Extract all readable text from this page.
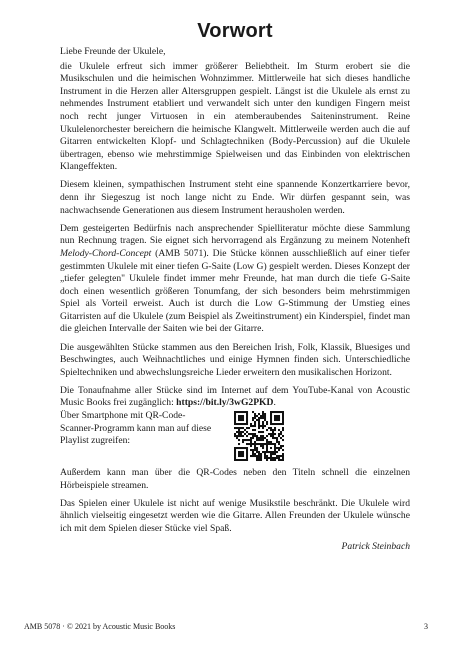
Vorwort

Liebe Freunde der Ukulele,

die Ukulele erfreut sich immer größerer Beliebtheit. Im Sturm erobert sie die Musikschulen und die heimischen Wohnzimmer. Mittlerweile hat sich dieses handliche Instrument in die Herzen aller Altersgruppen gespielt. Längst ist die Ukulele als ernst zu nehmendes Instrument etabliert und verwandelt sich unter den kundigen Fingern meist noch recht junger Virtuosen in ein atemberaubendes Saiteninstrument. Reine Ukulelenorchester bereichern die heimische Klangwelt. Mittlerweile werden auch die auf Gitarren entwickelten Klopf- und Schlagtechniken (Body-Percussion) auf die Ukulele übertragen, ebenso wie mehrstimmige Spielweisen und das Einbinden von elektrischen Klangeffekten.

Diesem kleinen, sympathischen Instrument steht eine spannende Konzertkarriere bevor, denn ihr Siegeszug ist noch lange nicht zu Ende. Wir dürfen gespannt sein, was nachwachsende Generationen aus diesem Instrument herausholen werden.

Dem gesteigerten Bedürfnis nach ansprechender Spielliteratur möchte diese Sammlung nun Rechnung tragen. Sie eignet sich hervorragend als Ergänzung zu meinem Notenheft Melody-Chord-Concept (AMB 5071). Die Stücke können ausschließlich auf einer tiefer gestimmten Ukulele mit einer tiefen G-Saite (Low G) gespielt werden. Dieses Konzept der „tiefer gelegten" Ukulele findet immer mehr Freunde, hat man durch die tiefe G-Saite doch einen wesentlich größeren Tonumfang, der sich besonders beim mehrstimmigen Spiel als Vorteil erweist. Auch ist durch die Low G-Stimmung der Umstieg eines Gitarristen auf die Ukulele (zum Beispiel als Zweitinstrument) ein Kinderspiel, findet man die gleichen Intervalle der Saiten wie bei der Gitarre.

Die ausgewählten Stücke stammen aus den Bereichen Irish, Folk, Klassik, Bluesiges und Beschwingtes, auch Weihnachtliches und einige Hymnen finden sich. Unterschiedliche Spieltechniken und abwechslungsreiche Lieder erweitern den musikalischen Horizont.

Die Tonaufnahme aller Stücke sind im Internet auf dem YouTube-Kanal von Acoustic Music Books frei zugänglich: https://bit.ly/3wG2PKD.

Über Smartphone mit QR-Code-Scanner-Programm kann man auf diese Playlist zugreifen:

Außerdem kann man über die QR-Codes neben den Titeln schnell die einzelnen Hörbeispiele streamen.

Das Spielen einer Ukulele ist nicht auf wenige Musikstile beschränkt. Die Ukulele wird ähnlich vielseitig eingesetzt werden wie die Gitarre. Allen Freunden der Ukulele wünsche ich mit dem Spielen dieser Stücke viel Spaß.

Patrick Steinbach
AMB 5078 · © 2021 by Acoustic Music Books	3
